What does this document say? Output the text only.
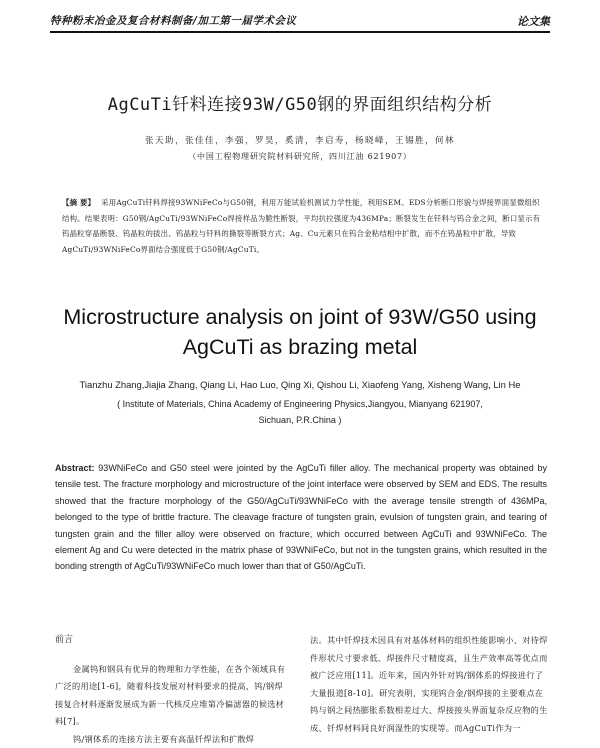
特种粉末冶金及复合材料制备/加工第一届学术会议	论文集
AgCuTi钎料连接93W/G50钢的界面组织结构分析
张天助，张佳佳，李强，罗昊，奚清，李启寿，杨晓峰，王锡胜，何林
（中国工程物理研究院材料研究所，四川江油 621907）
【摘 要】 采用AgCuTi钎料焊接93WNiFeCo与G50钢，利用万能试验机测试力学性能，利用SEM、EDS分析断口形貌与焊接界面显微组织结构。结果表明：G50钢/AgCuTi/93WNiFeCo焊接样品为脆性断裂，平均抗拉强度为436MPa；断裂发生在钎料与钨合金之间，断口显示有钨晶粒穿晶断裂、钨晶粒的拔出、钨晶粒与钎料的撕裂等断裂方式；Ag、Cu元素只在钨合金粘结相中扩散，而不在钨晶粒中扩散，导致AgCuTi/93WNiFeCo界面结合强度低于G50钢/AgCuTi。
Microstructure analysis on joint of 93W/G50 using
AgCuTi as brazing metal
Tianzhu Zhang,Jiajia Zhang, Qiang Li, Hao Luo, Qing Xi, Qishou Li, Xiaofeng Yang, Xisheng Wang, Lin He
( Institute of Materials, China Academy of Engineering Physics,Jiangyou, Mianyang 621907,
Sichuan, P.R.China )
Abstract: 93WNiFeCo and G50 steel were jointed by the AgCuTi filler alloy. The mechanical property was obtained by tensile test. The fracture morphology and microstructure of the joint interface were observed by SEM and EDS. The results showed that the fracture morphology of the G50/AgCuTi/93WNiFeCo with the average tensile strength of 436MPa, belonged to the type of brittle fracture. The cleavage fracture of tungsten grain, evulsion of tungsten grain, and tearing of tungsten grain and the filler alloy were observed on fracture, which occurred between AgCuTi and 93WNiFeCo. The element Ag and Cu were detected in the matrix phase of 93WNiFeCo, but not in the tungsten grains, which resulted in the bonding strength of AgCuTi/93WNiFeCo much lower than that of G50/AgCuTi.
前言

金属钨和钢具有优异的物理和力学性能，在各个领域具有广泛的用途[1-6]，随着科技发展对材料要求的提高，钨/钢焊接复合材料逐渐发展成为新一代核反应堆第冷偏滤器的候选材料[7]。

钨/钢体系的连接方法主要有高温钎焊法和扩散焊

法。其中钎焊技术因具有对基体材料的组织性能影响小、对待焊件形状尺寸要求低、焊接件尺寸精度高，且生产效率高等优点而被广泛应用[11]。近年来，国内外针对钨/钢体系的焊接进行了大量报道[8-10]。研究表明，实现钨合金/钢焊接的主要难点在钨与钢之间热膨胀系数相差过大、焊接接头界面复杂反应物的生成、钎焊材料间良好润湿性的实现等。而AgCuTi作为一
